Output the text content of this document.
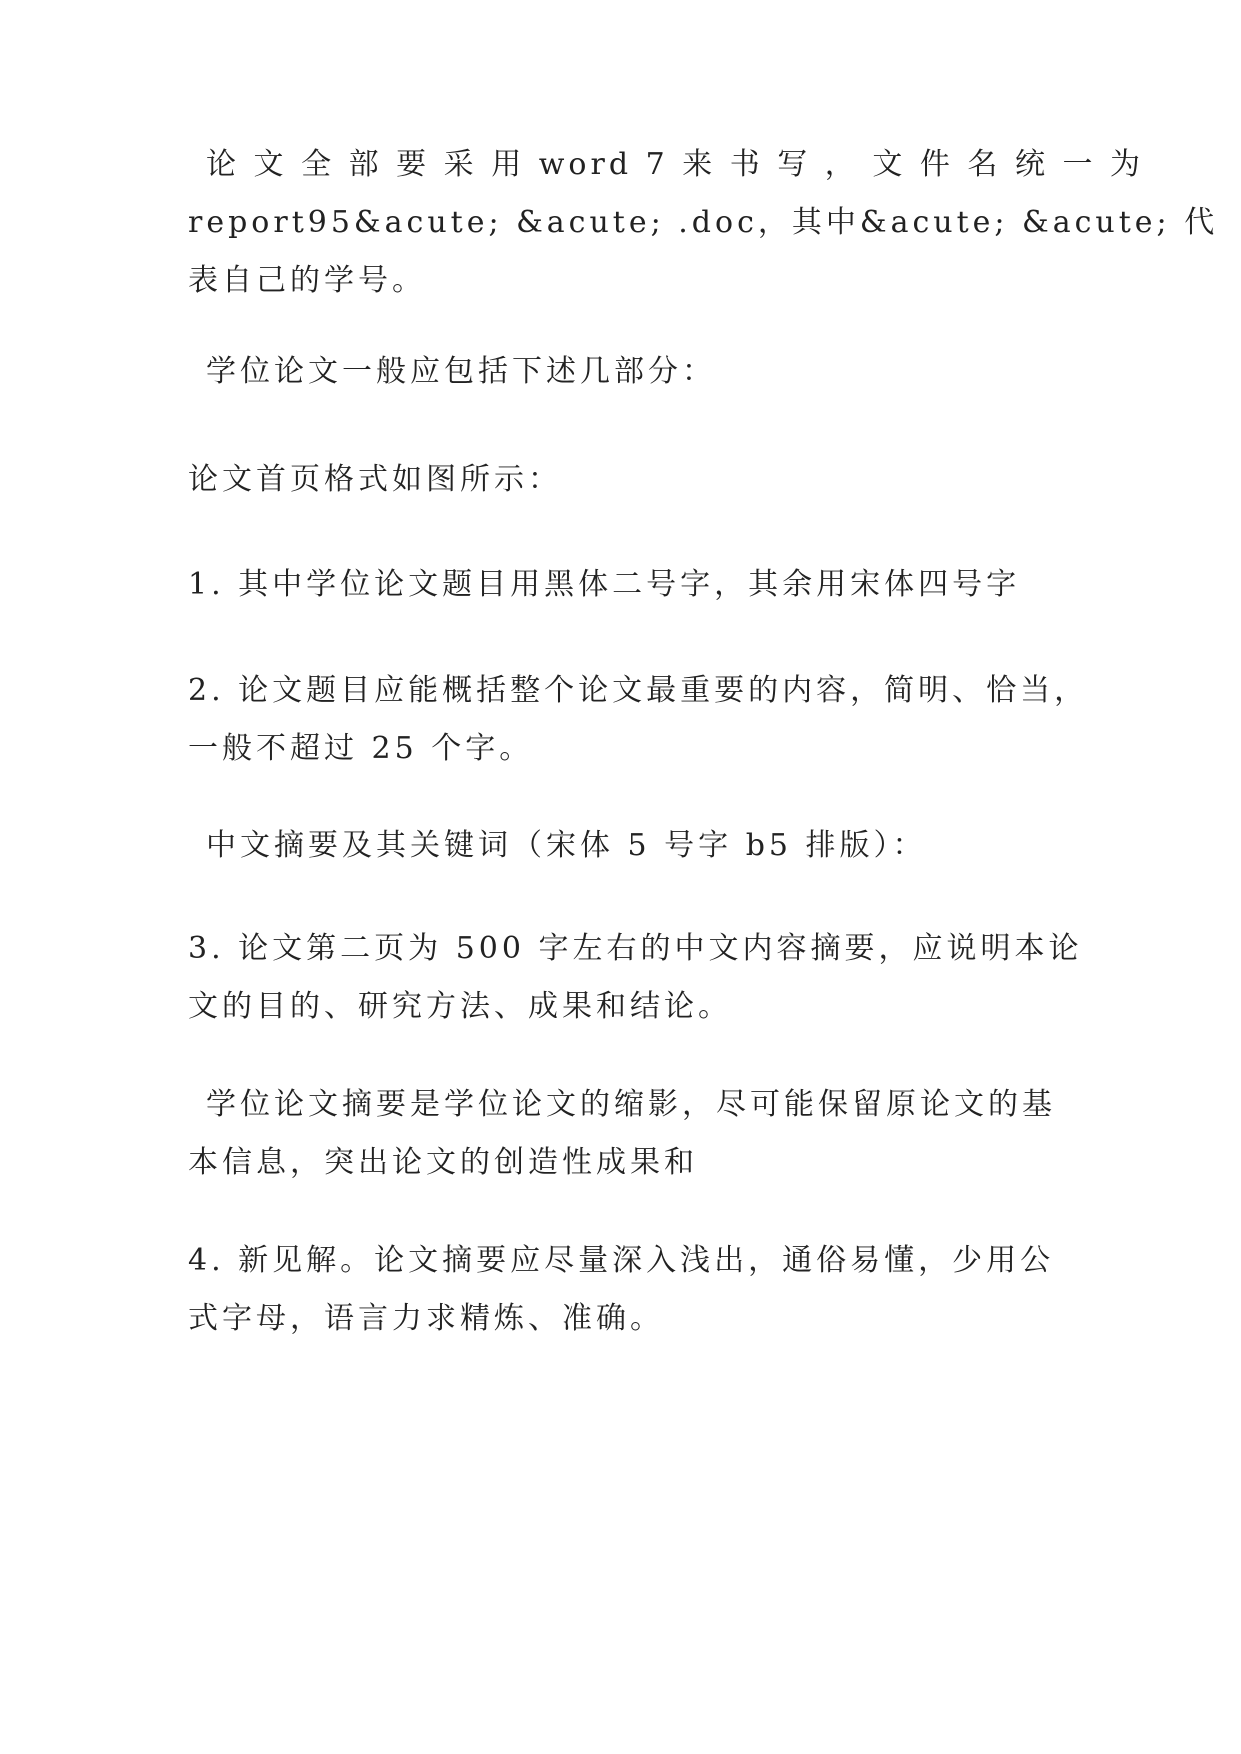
论 文 全 部 要 采 用 word 7 来 书 写 ， 文 件 名 统 一 为
report95&acute; &acute; .doc，其中&acute; &acute; 代
表自己的学号。

学位论文一般应包括下述几部分：

论文首页格式如图所示：

1. 其中学位论文题目用黑体二号字，其余用宋体四号字

2. 论文题目应能概括整个论文最重要的内容，简明、恰当，
一般不超过 25 个字。

中文摘要及其关键词（宋体 5 号字 b5 排版）：

3. 论文第二页为 500 字左右的中文内容摘要，应说明本论
文的目的、研究方法、成果和结论。

学位论文摘要是学位论文的缩影，尽可能保留原论文的基
本信息，突出论文的创造性成果和

4. 新见解。论文摘要应尽量深入浅出，通俗易懂，少用公
式字母，语言力求精炼、准确。
